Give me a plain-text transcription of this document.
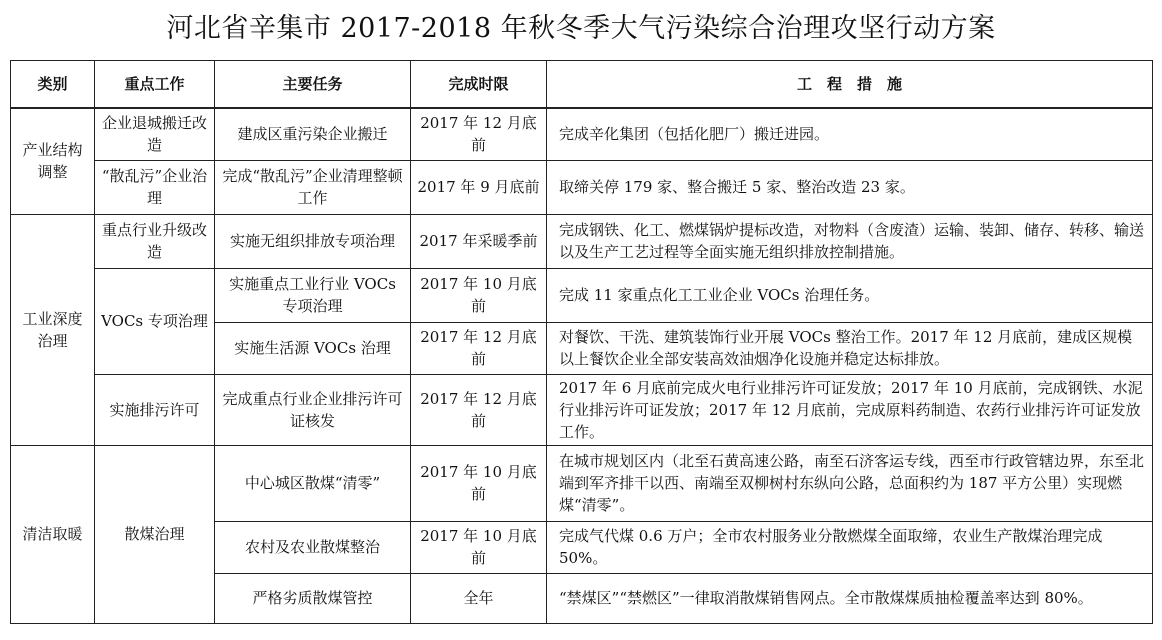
河北省辛集市 2017-2018 年秋冬季大气污染综合治理攻坚行动方案
类别	重点工作	主要任务	完成时限	工　程　措　施
产业结构调整	企业退城搬迁改造	建成区重污染企业搬迁	2017 年 12 月底前	完成辛化集团（包括化肥厂）搬迁进园。
	“散乱污”企业治理	完成“散乱污”企业清理整顿工作	2017 年 9 月底前	取缔关停 179 家、整合搬迁 5 家、整治改造 23 家。
工业深度治理	重点行业升级改造	实施无组织排放专项治理	2017 年采暖季前	完成钢铁、化工、燃煤锅炉提标改造，对物料（含废渣）运输、装卸、储存、转移、输送以及生产工艺过程等全面实施无组织排放控制措施。
	VOCs 专项治理	实施重点工业行业 VOCs 专项治理	2017 年 10 月底前	完成 11 家重点化工工业企业 VOCs 治理任务。
		实施生活源 VOCs 治理	2017 年 12 月底前	对餐饮、干洗、建筑装饰行业开展 VOCs 整治工作。2017 年 12 月底前，建成区规模以上餐饮企业全部安装高效油烟净化设施并稳定达标排放。
	实施排污许可	完成重点行业企业排污许可证核发	2017 年 12 月底前	2017 年 6 月底前完成火电行业排污许可证发放；2017 年 10 月底前，完成钢铁、水泥行业排污许可证发放；2017 年 12 月底前，完成原料药制造、农药行业排污许可证发放工作。
清洁取暖	散煤治理	中心城区散煤“清零”	2017 年 10 月底前	在城市规划区内（北至石黄高速公路，南至石济客运专线，西至市行政管辖边界，东至北端到军齐排干以西、南端至双柳树村东纵向公路，总面积约为 187 平方公里）实现燃煤“清零”。
		农村及农业散煤整治	2017 年 10 月底前	完成气代煤 0.6 万户；全市农村服务业分散燃煤全面取缔，农业生产散煤治理完成 50%。
		严格劣质散煤管控	全年	“禁煤区”“禁燃区”一律取消散煤销售网点。全市散煤煤质抽检覆盖率达到 80%。
